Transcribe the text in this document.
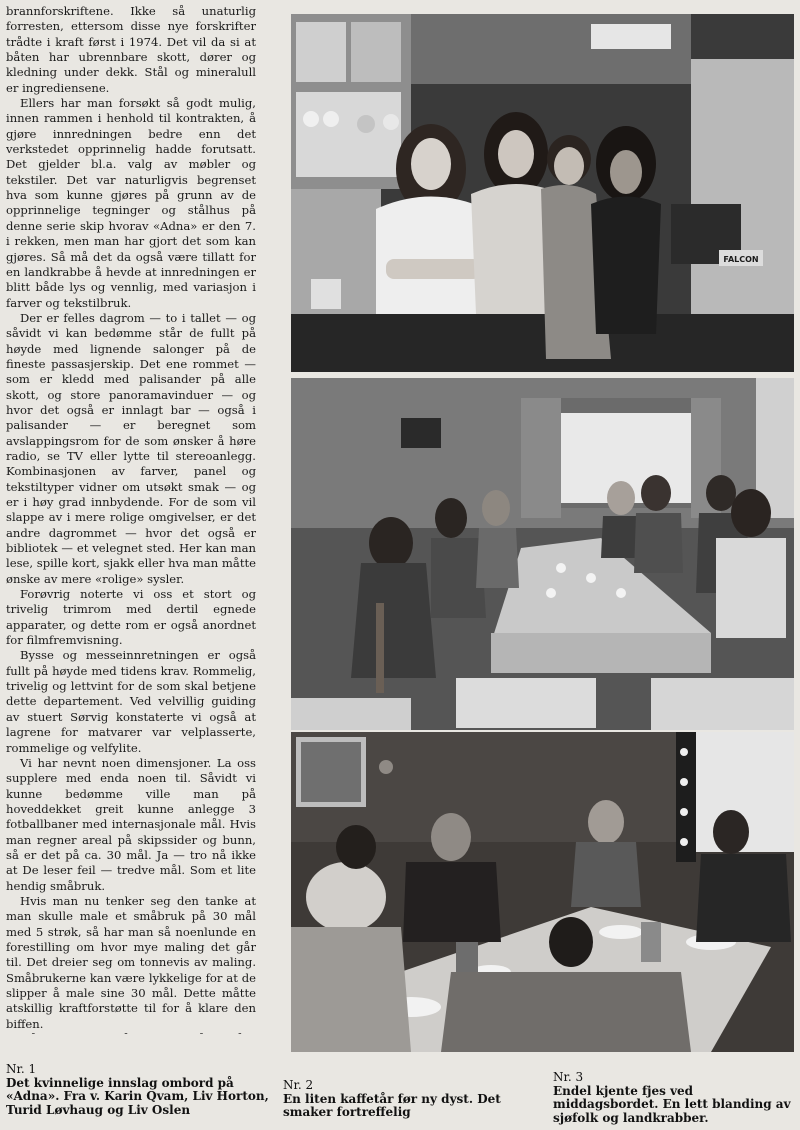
brannforskriftene. Ikke så unaturlig forresten, ettersom disse nye forskrifter trådte i kraft først i 1974. Det vil da si at båten har ubrennbare skott, dører og kledning under dekk. Stål og mineralull er ingrediensene.

Ellers har man forsøkt så godt mulig, innen rammen i henhold til kontrakten, å gjøre innredningen bedre enn det verkstedet opprinnelig hadde forutsatt. Det gjelder bl.a. valg av møbler og tekstiler. Det var naturligvis begrenset hva som kunne gjøres på grunn av de opprinnelige tegninger og stålhus på denne serie skip hvorav «Adna» er den 7. i rekken, men man har gjort det som kan gjøres. Så må det da også være tillatt for en landkrabbe å hevde at innredningen er blitt både lys og vennlig, med variasjon i farver og tekstilbruk.

Der er felles dagrom — to i tallet — og såvidt vi kan bedømme står de fullt på høyde med lignende salonger på de fineste passasjerskip. Det ene rommet — som er kledd med palisander på alle skott, og store panoramavinduer — og hvor det også er innlagt bar — også i palisander — er beregnet som avslappingsrom for de som ønsker å høre radio, se TV eller lytte til stereoanlegg. Kombinasjonen av farver, panel og tekstiltyper vidner om utsøkt smak — og er i høy grad innbydende. For de som vil slappe av i mere rolige omgivelser, er det andre dagrommet — hvor det også er bibliotek — et velegnet sted. Her kan man lese, spille kort, sjakk eller hva man måtte ønske av mere «rolige» sysler.

Forøvrig noterte vi oss et stort og trivelig trimrom med dertil egnede apparater, og dette rom er også anordnet for filmfremvisning.

Bysse og messeinnretningen er også fullt på høyde med tidens krav. Rommelig, trivelig og lettvint for de som skal betjene dette departement. Ved velvillig guiding av stuert Sørvig konstaterte vi også at lagrene for matvarer var velplasserte, rommelige og velfylite.

Vi har nevnt noen dimensjoner. La oss supplere med enda noen til. Såvidt vi kunne bedømme ville man på hoveddekket greit kunne anlegge 3 fotballbaner med internasjonale mål. Hvis man regner areal på skipssider og bunn, så er det på ca. 30 mål. Ja — tro nå ikke at De leser feil — tredve mål. Som et lite hendig småbruk.

Hvis man nu tenker seg den tanke at man skulle male et småbruk på 30 mål med 5 strøk, så har man så noenlunde en forestilling om hvor mye maling det går til. Det dreier seg om tonnevis av maling. Småbrukerne kan være lykkelige for at de slipper å male sine 30 mål. Dette måtte atskillig kraftforstøtte til for å klare den biffen.

FALCON
Nr. 1
Det kvinnelige innslag ombord på «Adna». Fra v. Karin Qvam, Liv Horton, Turid Løvhaug og Liv Oslen
Nr. 2
En liten kaffetår før ny dyst. Det smaker fortreffelig
Nr. 3
Endel kjente fjes ved middagsbordet. En lett blanding av sjøfolk og landkrabber.
